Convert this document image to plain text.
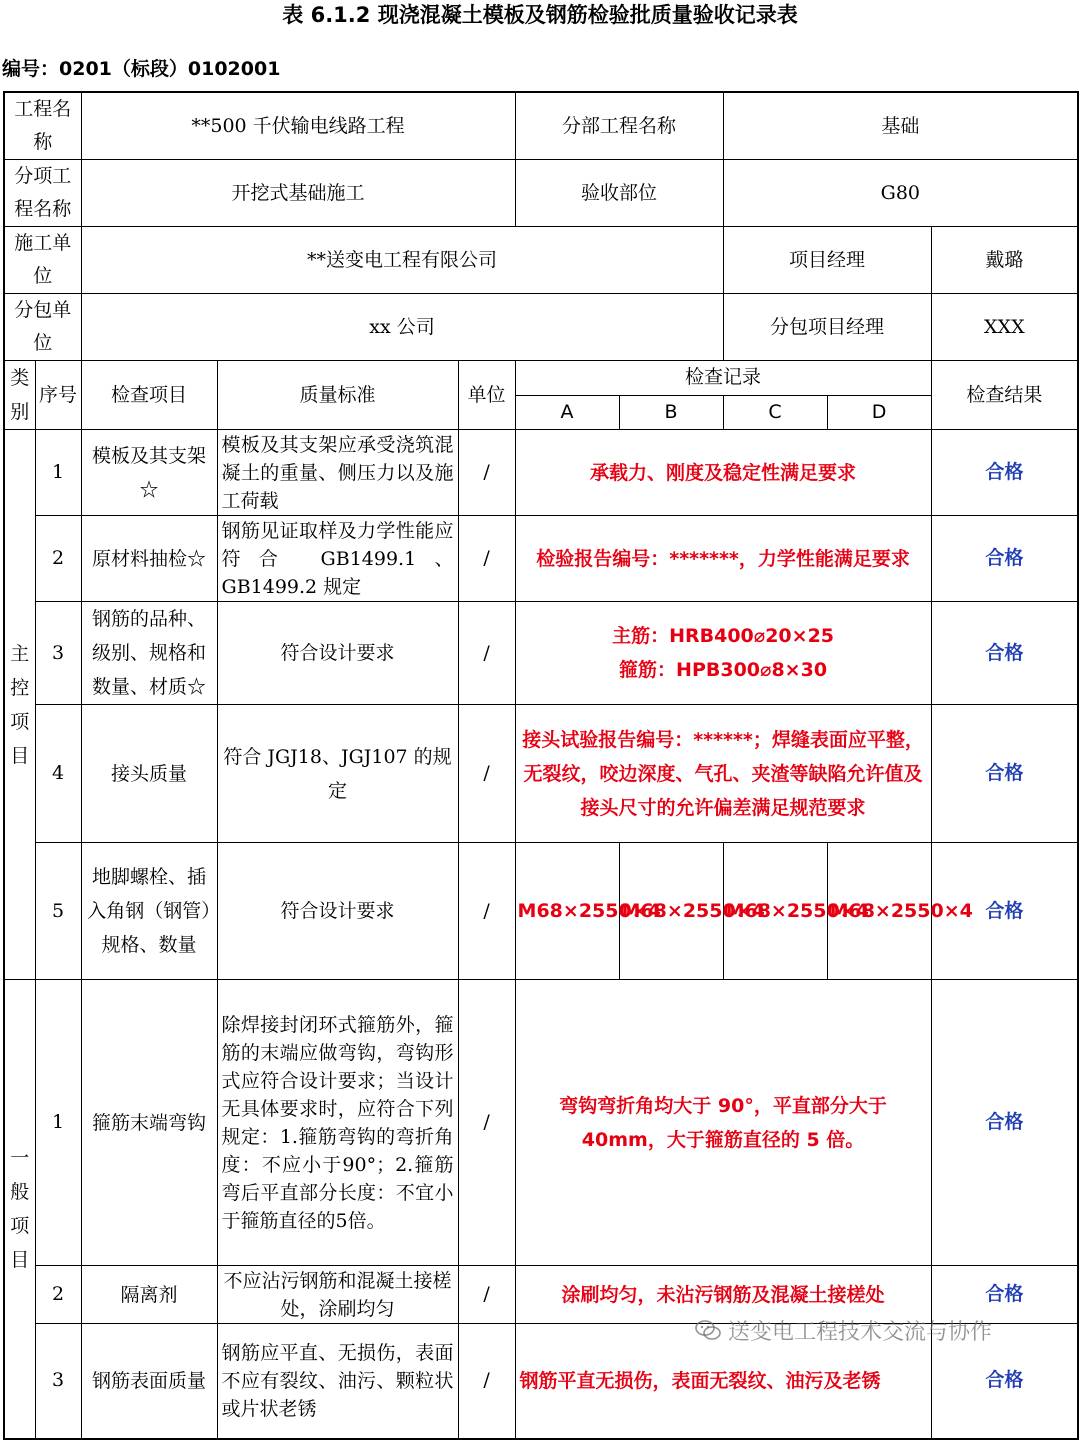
表 6.1.2 现浇混凝土模板及钢筋检验批质量验收记录表
编号：0201（标段）0102001
工程名称		**500 千伏输电线路工程			分部工程名称		基础		
分项工程名称		开挖式基础施工			验收部位		G80		
施工单位		**送变电工程有限公司					项目经理		戴璐
分包单位		xx 公司					分包项目经理		XXX
类别	序号	检查项目	质量标准	单位	检查记录				检查结果
					A	B	C	D	
主控项目	1	模板及其支架☆	模板及其支架应承受浇筑混凝土的重量、侧压力以及施工荷载	/	承载力、刚度及稳定性满足要求				合格
	2	原材料抽检☆	钢筋见证取样及力学性能应符合 GB1499.1、GB1499.2 规定	/	检验报告编号：*******，力学性能满足要求				合格
	3	钢筋的品种、级别、规格和数量、材质☆	符合设计要求	/	主筋：HRB400⌀20×25
箍筋：HPB300⌀8×30				合格
	4	接头质量	符合 JGJ18、JGJ107 的规定	/	接头试验报告编号：******；焊缝表面应平整，无裂纹，咬边深度、气孔、夹渣等缺陷允许值及接头尺寸的允许偏差满足规范要求				合格
	5	地脚螺栓、插入角钢（钢管）规格、数量	符合设计要求	/	M68×2550×4	M68×2550×4	M68×2550×4	M68×2550×4	合格
一般项目	1	箍筋末端弯钩	除焊接封闭环式箍筋外，箍筋的末端应做弯钩，弯钩形式应符合设计要求；当设计无具体要求时，应符合下列规定：1.箍筋弯钩的弯折角度：不应小于90°；2.箍筋弯后平直部分长度：不宜小于箍筋直径的5倍。	/	弯钩弯折角均大于 90°，平直部分大于 40mm，大于箍筋直径的 5 倍。				合格
	2	隔离剂	不应沾污钢筋和混凝土接槎处，涂刷均匀	/	涂刷均匀，未沾污钢筋及混凝土接槎处				合格
	3	钢筋表面质量	钢筋应平直、无损伤，表面不应有裂纹、油污、颗粒状或片状老锈	/	钢筋平直无损伤，表面无裂纹、油污及老锈				合格
送变电工程技术交流与协作
